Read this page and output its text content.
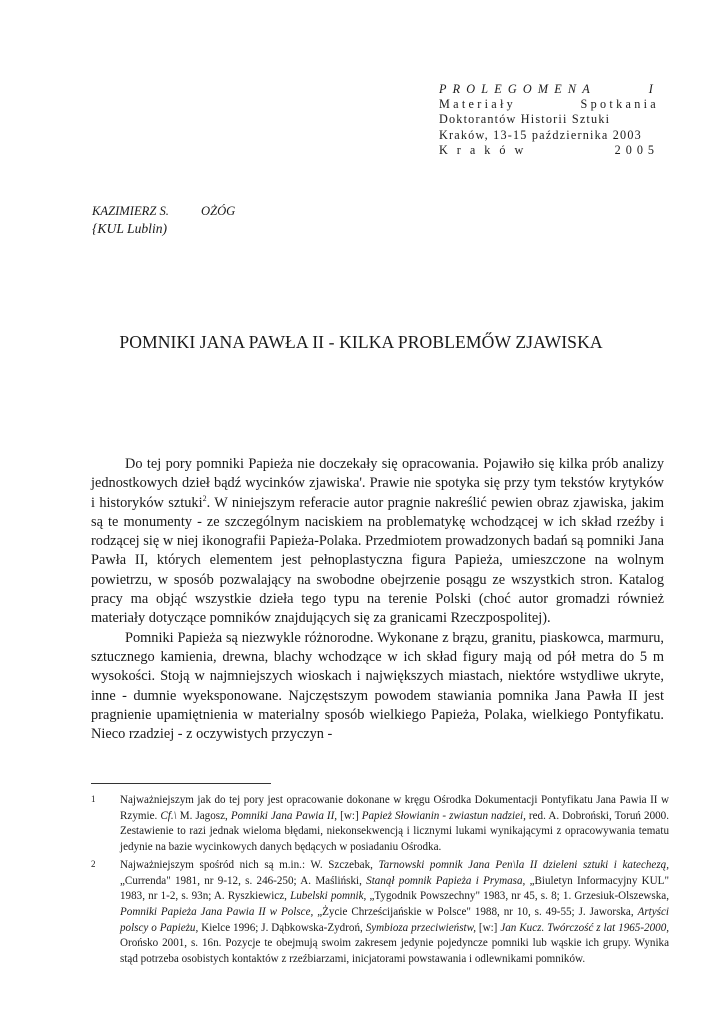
PROLEGOMENA	I
Materiały	Spotkania
Doktorantów Historii Sztuki
Kraków, 13-15 października 2003
Kraków	2005
KAZIMIERZ S.	OŻÓG
{KUL Lublin)
POMNIKI JANA PAWŁA II - KILKA PROBLEMŐW ZJAWISKA

Do tej pory pomniki Papieża nie doczekały się opracowania. Pojawiło się kilka prób analizy jednostkowych dzieł bądź wycinków zjawiska'. Prawie nie spotyka się przy tym tekstów krytyków i historyków sztuki$^2$. W niniejszym referacie autor pragnie nakreślić pewien obraz zjawiska, jakim są te monumenty - ze szczególnym naciskiem na problematykę wchodzącej w ich skład rzeźby i rodzącej się w niej ikonografii Papieża-Polaka. Przedmiotem prowadzonych badań są pomniki Jana Pawła II, których elementem jest pełnoplastyczna figura Papieża, umieszczone na wolnym powietrzu, w sposób pozwalający na swobodne obejrzenie posągu ze wszystkich stron. Katalog pracy ma objąć wszystkie dzieła tego typu na terenie Polski (choć autor gromadzi również materiały dotyczące pomników znajdujących się za granicami Rzeczpospolitej).

Pomniki Papieża są niezwykle różnorodne. Wykonane z brązu, granitu, piaskowca, marmuru, sztucznego kamienia, drewna, blachy wchodzące w ich skład figury mają od pół metra do 5 m wysokości. Stoją w najmniejszych wioskach i największych miastach, niektóre wstydliwe ukryte, inne - dumnie wyeksponowane. Najczęstszym powodem stawiania pomnika Jana Pawła II jest pragnienie upamiętnienia w materialny sposób wielkiego Papieża, Polaka, wielkiego Pontyfikatu. Nieco rzadziej - z oczywistych przyczyn -

1	Najważniejszym jak do tej pory jest opracowanie dokonane w kręgu Ośrodka Dokumentacji Pontyfikatu Jana Pawia II w Rzymie. Cf.\ M. Jagosz, Pomniki Jana Pawia II, [w:] Papież Słowianin - zwiastun nadziei, red. A. Dobroński, Toruń 2000. Zestawienie to razi jednak wieloma błędami, niekonsekwencją i licznymi lukami wynikającymi z opracowywania tematu jedynie na bazie wycinkowych danych będących w posiadaniu Ośrodka.
2	Najważniejszym spośród nich są m.in.: W. Szczebak, Tarnowski pomnik Jana Pen\la II dzieleni sztuki i katechezą, „Currenda" 1981, nr 9-12, s. 246-250; A. Maśliński, Stanął pomnik Papieża i Prymasa, „Biuletyn Informacyjny KUL" 1983, nr 1-2, s. 93n; A. Ryszkiewicz, Lubelski pomnik, „Tygodnik Powszechny" 1983, nr 45, s. 8; 1. Grzesiuk-Olszewska, Pomniki Papieża Jana Pawia II w Polsce, „Życie Chrześcijańskie w Polsce" 1988, nr 10, s. 49-55; J. Jaworska, Artyści polscy o Papieżu, Kielce 1996; J. Dąbkowska-Zydroń, Symbioza przeciwieństw, [w:] Jan Kucz. Twórczość z lat 1965-2000, Orońsko 2001, s. 16n. Pozycje te obejmują swoim zakresem jedynie pojedyncze pomniki lub wąskie ich grupy. Wynika stąd potrzeba osobistych kontaktów z rzeźbiarzami, inicjatorami powstawania i odlewnikami pomników.
